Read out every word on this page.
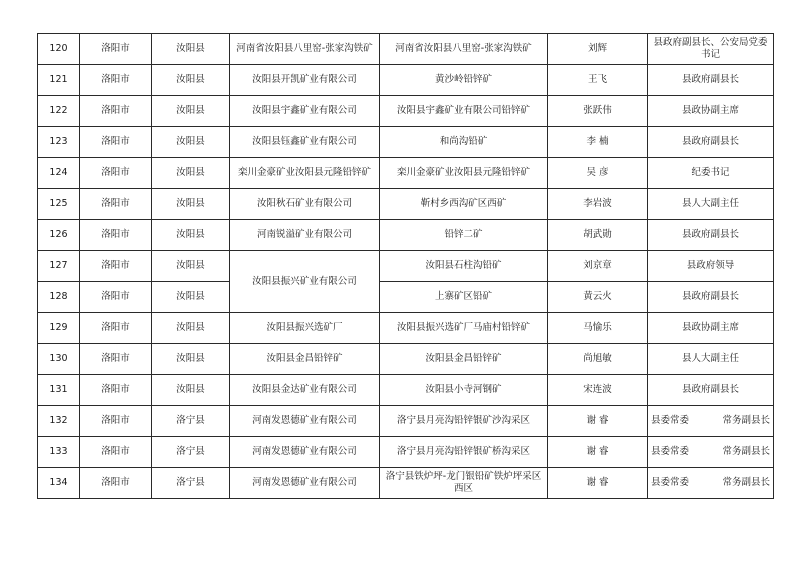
120	洛阳市	汝阳县	河南省汝阳县八里窑-张家沟铁矿	河南省汝阳县八里窑-张家沟铁矿	刘辉	县政府副县长、公安局党委书记
121	洛阳市	汝阳县	汝阳县开凯矿业有限公司	黄沙岭铅锌矿	王飞	县政府副县长
122	洛阳市	汝阳县	汝阳县宇鑫矿业有限公司	汝阳县宇鑫矿业有限公司铅锌矿	张跃伟	县政协副主席
123	洛阳市	汝阳县	汝阳县钰鑫矿业有限公司	和尚沟铅矿	李 楠	县政府副县长
124	洛阳市	汝阳县	栾川金豪矿业汝阳县元隆铅锌矿	栾川金豪矿业汝阳县元隆铅锌矿	吴 彦	纪委书记
125	洛阳市	汝阳县	汝阳秋石矿业有限公司	靳村乡西沟矿区西矿	李岩波	县人大副主任
126	洛阳市	汝阳县	河南锐溢矿业有限公司	铅锌二矿	胡武勋	县政府副县长
127	洛阳市	汝阳县	汝阳县振兴矿业有限公司	汝阳县石柱沟铅矿	刘京章	县政府领导
128	洛阳市	汝阳县		上寨矿区铅矿	黄云火	县政府副县长
129	洛阳市	汝阳县	汝阳县振兴选矿厂	汝阳县振兴选矿厂马庙村铅锌矿	马愉乐	县政协副主席
130	洛阳市	汝阳县	汝阳县金昌铅锌矿	汝阳县金昌铅锌矿	尚旭敏	县人大副主任
131	洛阳市	汝阳县	汝阳县金达矿业有限公司	汝阳县小寺河钢矿	宋连波	县政府副县长
132	洛阳市	洛宁县	河南发恩德矿业有限公司	洛宁县月亮沟铅锌银矿沙沟采区	谢 睿	县委常委 常务副县长

133	洛阳市	洛宁县	河南发恩德矿业有限公司	洛宁县月亮沟铅锌银矿桥沟采区	谢 睿	县委常委 常务副县长

134	洛阳市	洛宁县	河南发恩德矿业有限公司	洛宁县铁炉坪-龙门银铅矿铁炉坪采区西区	谢 睿	县委常委 常务副县长
